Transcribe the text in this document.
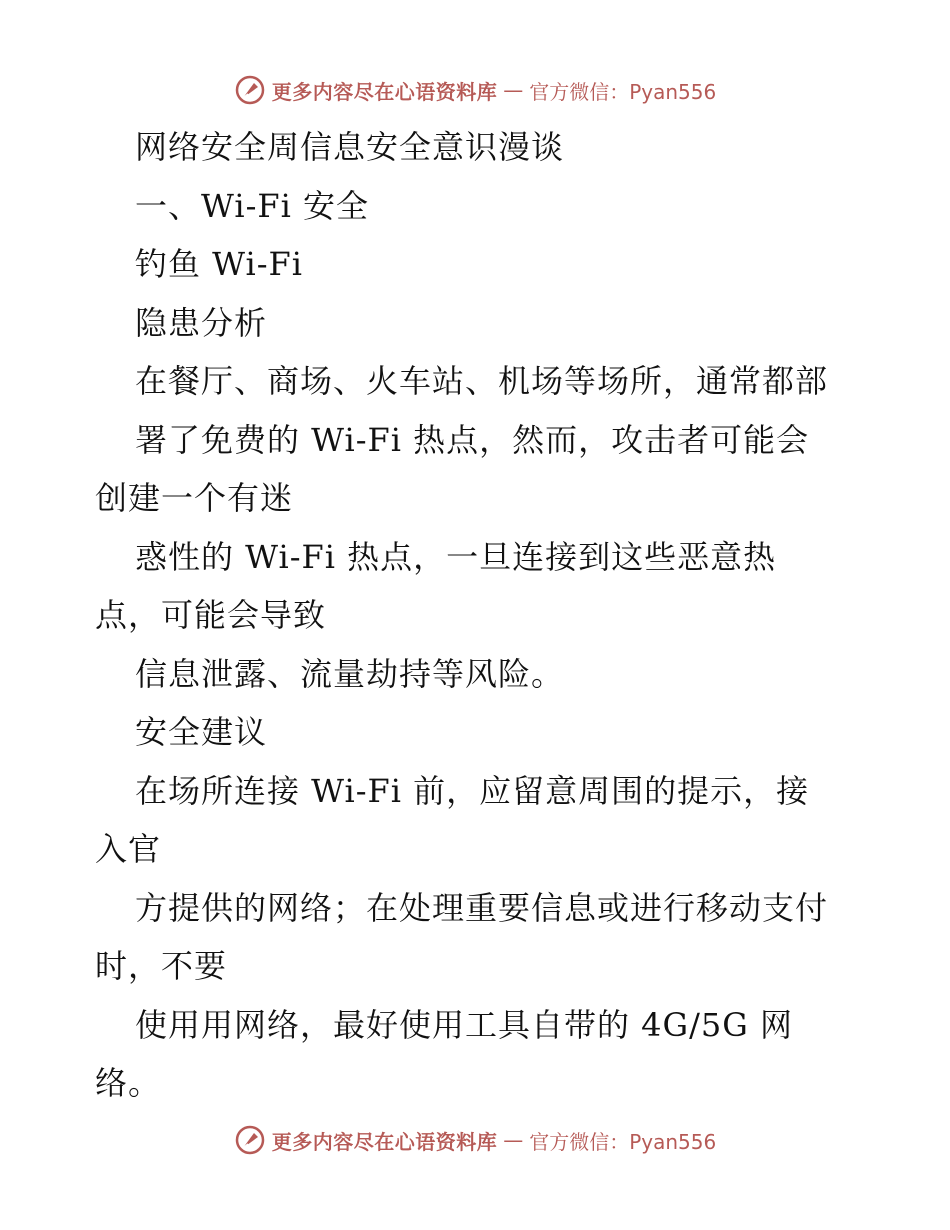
更多内容尽在心语资料库 — 官方微信：Pyan556
网络安全周信息安全意识漫谈
一、Wi-Fi 安全
钓鱼 Wi-Fi
隐患分析
在餐厅、商场、火车站、机场等场所，通常都部
署了免费的 Wi-Fi 热点，然而，攻击者可能会
创建一个有迷
惑性的 Wi-Fi 热点，一旦连接到这些恶意热
点，可能会导致
信息泄露、流量劫持等风险。
安全建议
在场所连接 Wi-Fi 前，应留意周围的提示，接
入官
方提供的网络；在处理重要信息或进行移动支付
时，不要
使用用网络，最好使用工具自带的 4G/5G 网
络。
更多内容尽在心语资料库 — 官方微信：Pyan556
